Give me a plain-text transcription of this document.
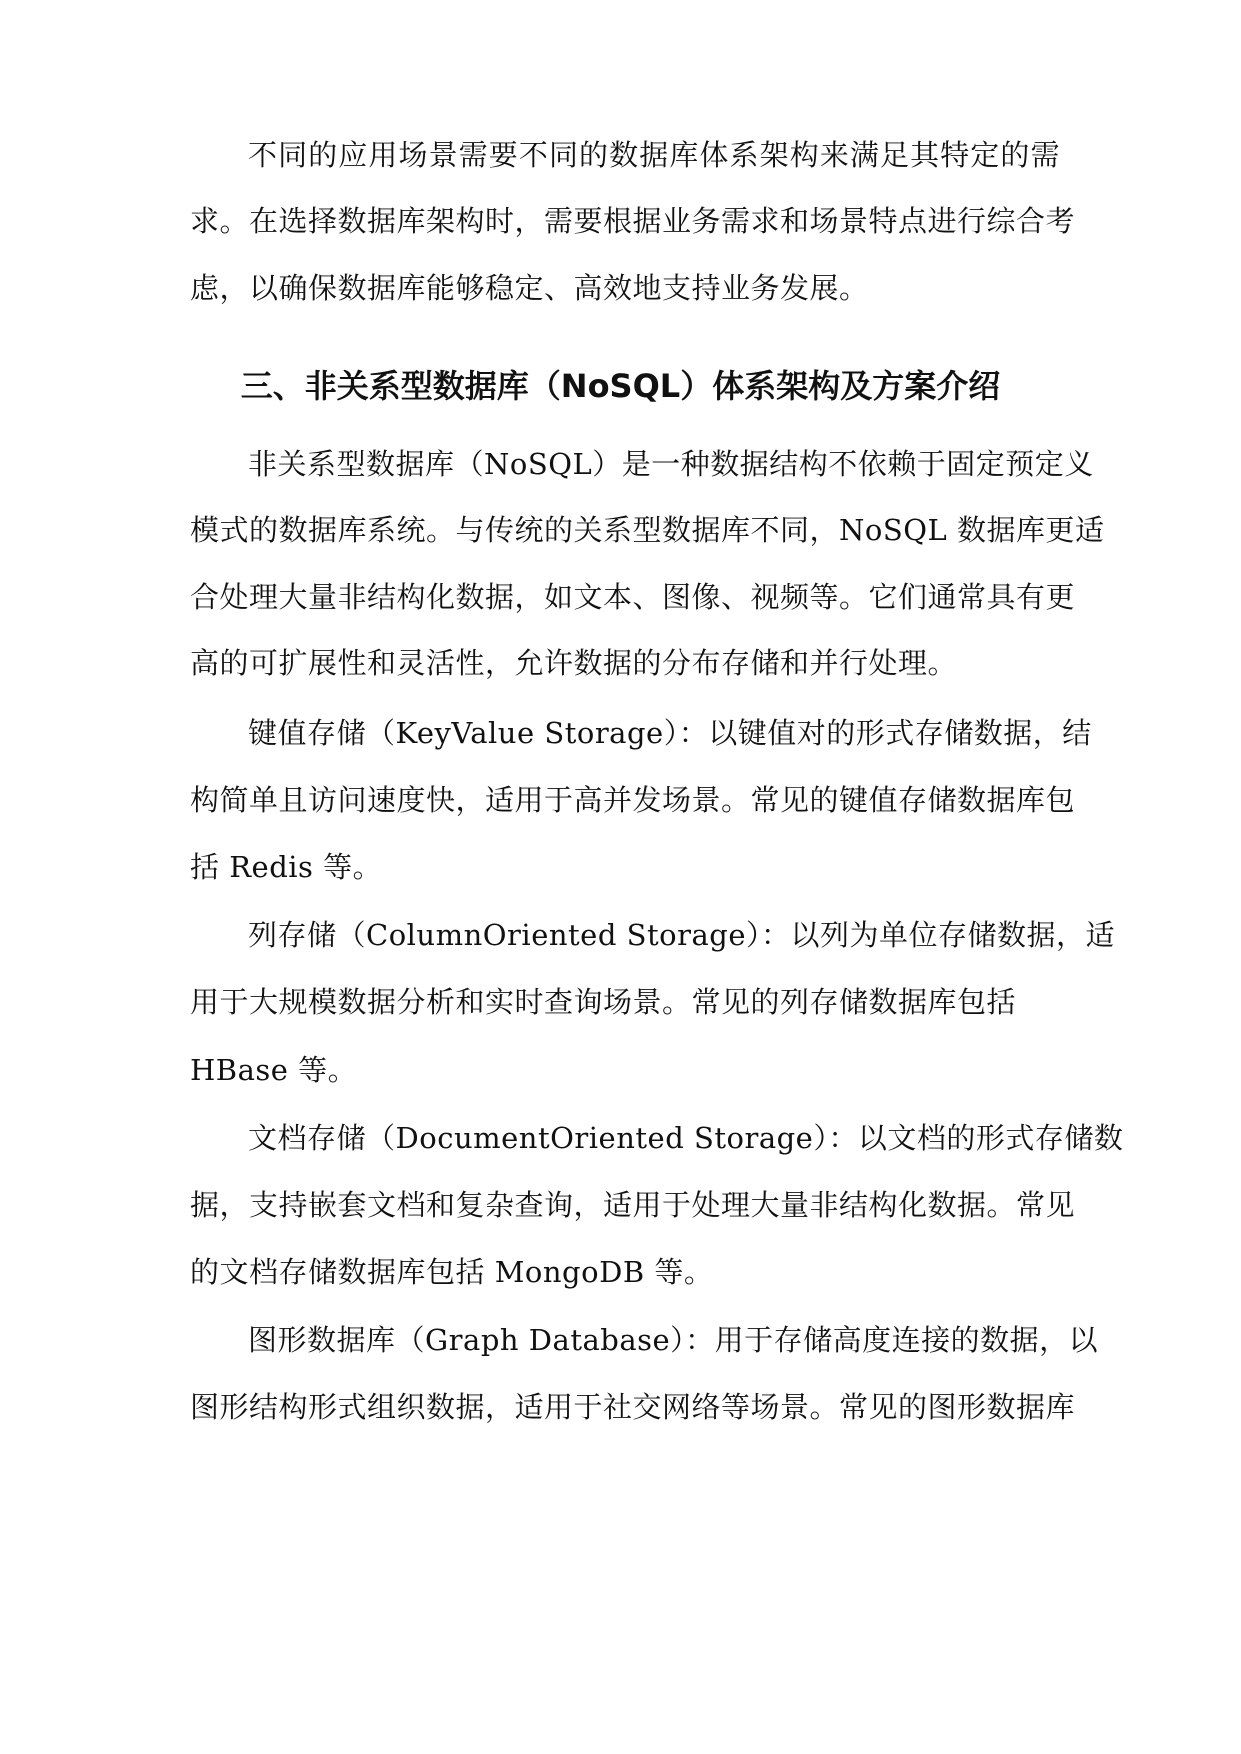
不同的应用场景需要不同的数据库体系架构来满足其特定的需
求。在选择数据库架构时，需要根据业务需求和场景特点进行综合考
虑，以确保数据库能够稳定、高效地支持业务发展。
三、非关系型数据库（NoSQL）体系架构及方案介绍
非关系型数据库（NoSQL）是一种数据结构不依赖于固定预定义
模式的数据库系统。与传统的关系型数据库不同，NoSQL 数据库更适
合处理大量非结构化数据，如文本、图像、视频等。它们通常具有更
高的可扩展性和灵活性，允许数据的分布存储和并行处理。
键值存储（KeyValue Storage）：以键值对的形式存储数据，结
构简单且访问速度快，适用于高并发场景。常见的键值存储数据库包
括 Redis 等。
列存储（ColumnOriented Storage）：以列为单位存储数据，适
用于大规模数据分析和实时查询场景。常见的列存储数据库包括
HBase 等。
文档存储（DocumentOriented Storage）：以文档的形式存储数
据，支持嵌套文档和复杂查询，适用于处理大量非结构化数据。常见
的文档存储数据库包括 MongoDB 等。
图形数据库（Graph Database）：用于存储高度连接的数据，以
图形结构形式组织数据，适用于社交网络等场景。常见的图形数据库
